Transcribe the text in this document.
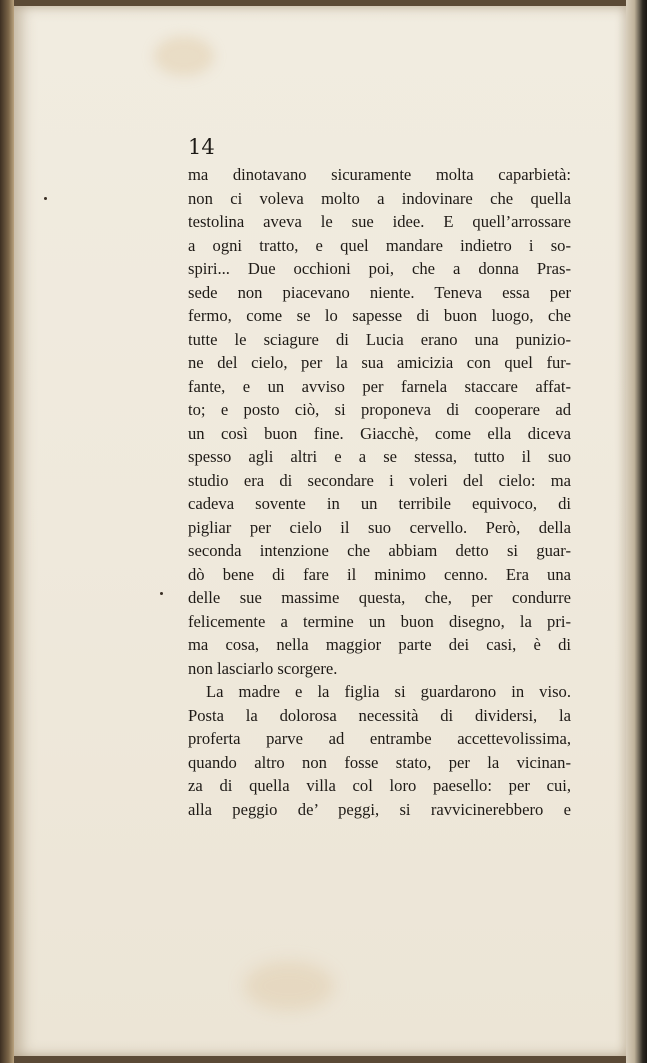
14
ma dinotavano sicuramente molta caparbietà:
non ci voleva molto a indovinare che quella
testolina aveva le sue idee. E quell’arrossare
a ogni tratto, e quel mandare indietro i so-
spiri... Due occhioni poi, che a donna Pras-
sede non piacevano niente. Teneva essa per
fermo, come se lo sapesse di buon luogo, che
tutte le sciagure di Lucia erano una punizio-
ne del cielo, per la sua amicizia con quel fur-
fante, e un avviso per farnela staccare affat-
to; e posto ciò, si proponeva di cooperare ad
un così buon fine. Giacchè, come ella diceva
spesso agli altri e a se stessa, tutto il suo
studio era di secondare i voleri del cielo: ma
cadeva sovente in un terribile equivoco, di
pigliar per cielo il suo cervello. Però, della
seconda intenzione che abbiam detto si guar-
dò bene di fare il minimo cenno. Era una
delle sue massime questa, che, per condurre
felicemente a termine un buon disegno, la pri-
ma cosa, nella maggior parte dei casi, è di
non lasciarlo scorgere.
La madre e la figlia si guardarono in viso.
Posta la dolorosa necessità di dividersi, la
proferta parve ad entrambe accettevolissima,
quando altro non fosse stato, per la vicinan-
za di quella villa col loro paesello: per cui,
alla peggio de’ peggi, si ravvicinerebbero e
